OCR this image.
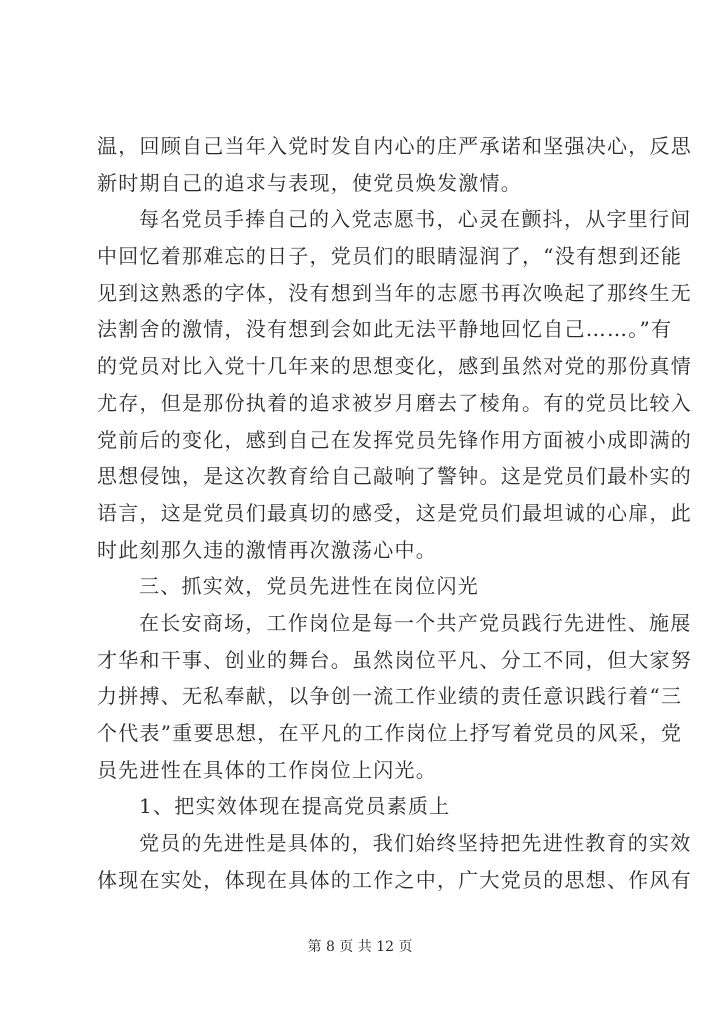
温，回顾自己当年入党时发自内心的庄严承诺和坚强决心，反思
新时期自己的追求与表现，使党员焕发激情。
每名党员手捧自己的入党志愿书，心灵在颤抖，从字里行间
中回忆着那难忘的日子，党员们的眼睛湿润了，“没有想到还能
见到这熟悉的字体，没有想到当年的志愿书再次唤起了那终生无
法割舍的激情，没有想到会如此无法平静地回忆自己……。”有
的党员对比入党十几年来的思想变化，感到虽然对党的那份真情
尤存，但是那份执着的追求被岁月磨去了棱角。有的党员比较入
党前后的变化，感到自己在发挥党员先锋作用方面被小成即满的
思想侵蚀，是这次教育给自己敲响了警钟。这是党员们最朴实的
语言，这是党员们最真切的感受，这是党员们最坦诚的心扉，此
时此刻那久违的激情再次激荡心中。
三、抓实效，党员先进性在岗位闪光
在长安商场，工作岗位是每一个共产党员践行先进性、施展
才华和干事、创业的舞台。虽然岗位平凡、分工不同，但大家努
力拼搏、无私奉献，以争创一流工作业绩的责任意识践行着“三
个代表”重要思想，在平凡的工作岗位上抒写着党员的风采，党
员先进性在具体的工作岗位上闪光。
1、把实效体现在提高党员素质上
党员的先进性是具体的，我们始终坚持把先进性教育的实效
体现在实处，体现在具体的工作之中，广大党员的思想、作风有
第 8 页 共 12 页
